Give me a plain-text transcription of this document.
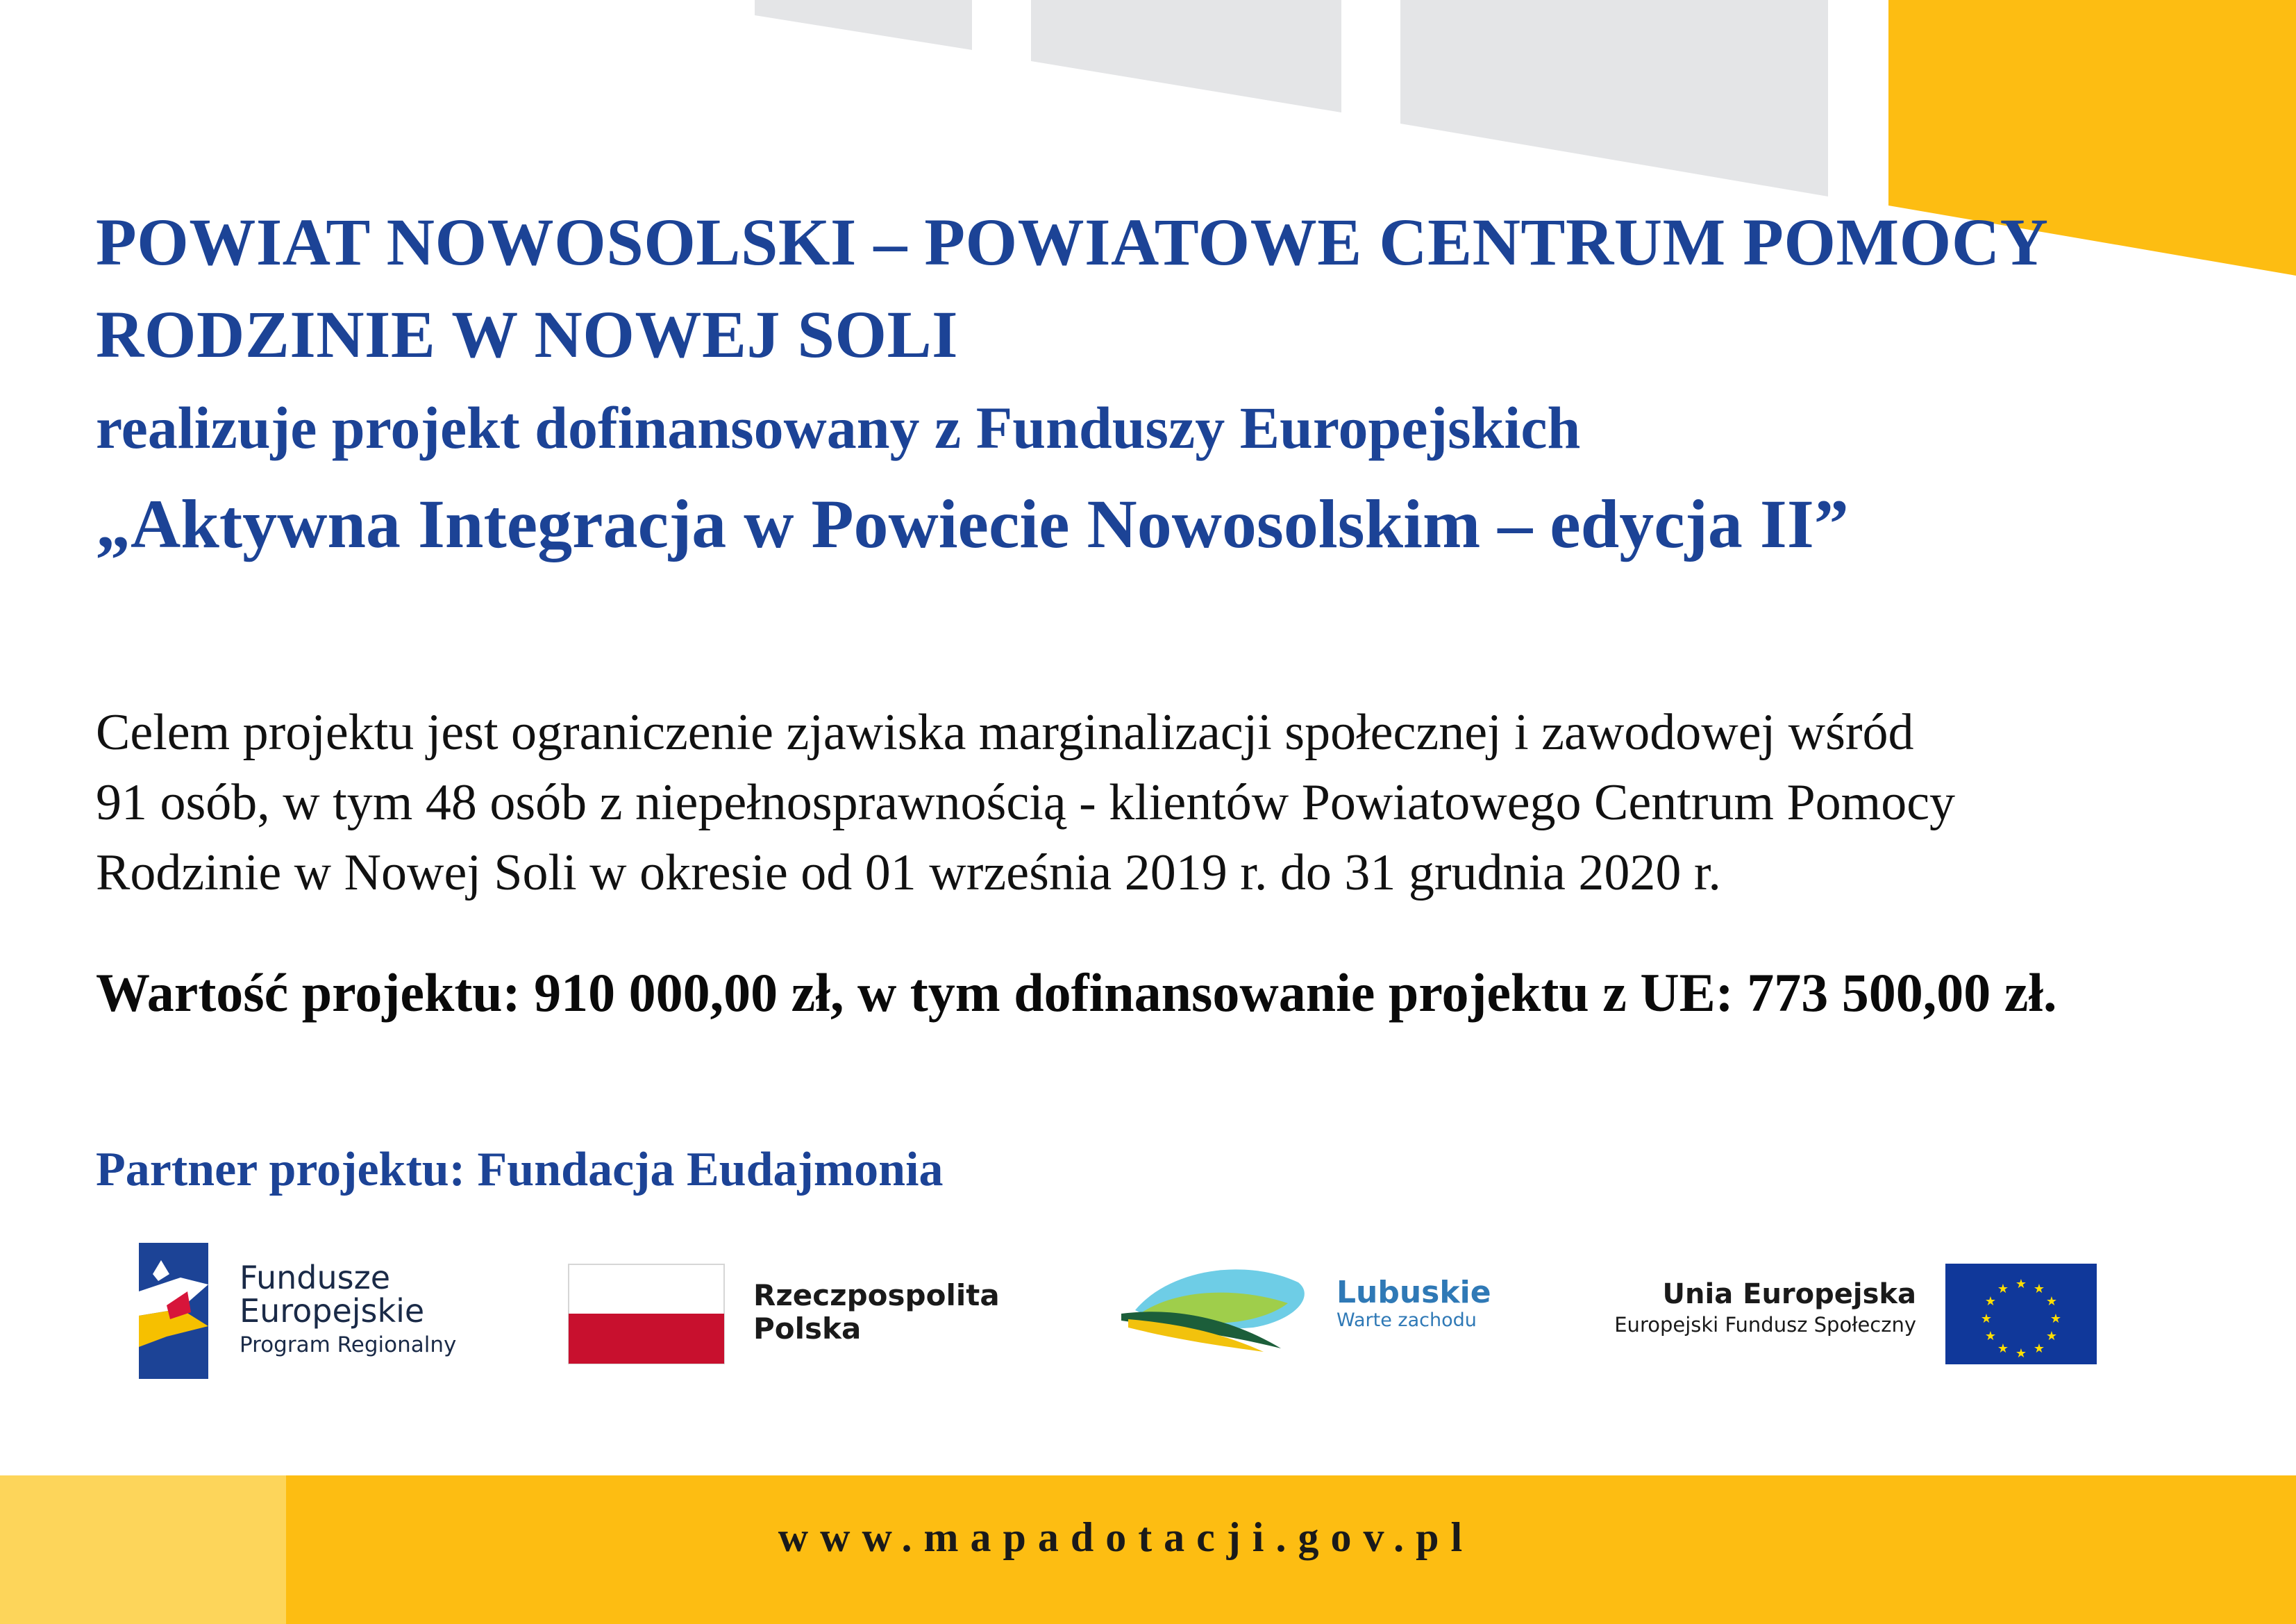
POWIAT NOWOSOLSKI – POWIATOWE CENTRUM POMOCY
RODZINIE W NOWEJ SOLI
realizuje projekt dofinansowany z Funduszy Europejskich
„Aktywna Integracja w Powiecie Nowosolskim – edycja II”

Celem projektu jest ograniczenie zjawiska marginalizacji społecznej i zawodowej wśród
91 osób, w tym 48 osób z niepełnosprawnością - klientów Powiatowego Centrum Pomocy
Rodzinie w Nowej Soli w okresie od 01 września 2019 r. do 31 grudnia 2020 r.

Wartość projektu: 910 000,00 zł, w tym dofinansowanie projektu z UE: 773 500,00 zł.

Partner projektu: Fundacja Eudajmonia

Fundusze
Europejskie
Program Regionalny
Rzeczpospolita
Polska
Lubuskie
Warte zachodu
Unia Europejska
Europejski Fundusz Społeczny
★ ★
★
★
★
★
★
★
★
★
★
★
www.mapadotacji.gov.pl
